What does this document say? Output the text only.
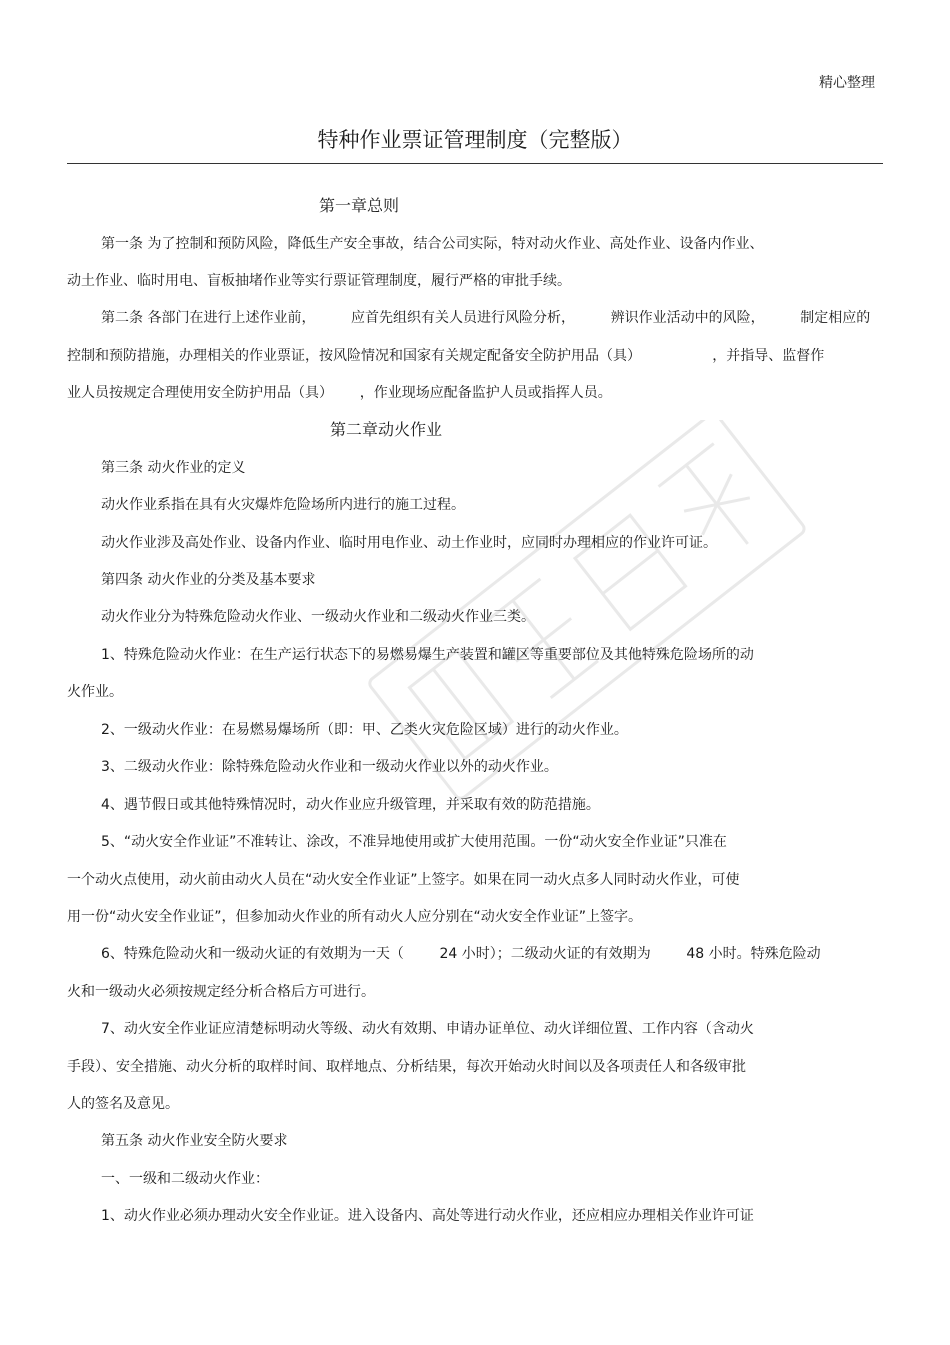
精心整理
特种作业票证管理制度（完整版）
第一章总则
第一条 为了控制和预防风险，降低生产安全事故，结合公司实际，特对动火作业、高处作业、设备内作业、
动土作业、临时用电、盲板抽堵作业等实行票证管理制度，履行严格的审批手续。
第二条 各部门在进行上述作业前，        应首先组织有关人员进行风险分析，        辨识作业活动中的风险，        制定相应的
控制和预防措施，办理相关的作业票证，按风险情况和国家有关规定配备安全防护用品（具）                ，并指导、监督作
业人员按规定合理使用安全防护用品（具）      ，作业现场应配备监护人员或指挥人员。
第二章动火作业
第三条 动火作业的定义
动火作业系指在具有火灾爆炸危险场所内进行的施工过程。
动火作业涉及高处作业、设备内作业、临时用电作业、动土作业时，应同时办理相应的作业许可证。
第四条 动火作业的分类及基本要求
动火作业分为特殊危险动火作业、一级动火作业和二级动火作业三类。
1、特殊危险动火作业：在生产运行状态下的易燃易爆生产装置和罐区等重要部位及其他特殊危险场所的动
火作业。
2、一级动火作业：在易燃易爆场所（即：甲、乙类火灾危险区域）进行的动火作业。
3、二级动火作业：除特殊危险动火作业和一级动火作业以外的动火作业。
4、遇节假日或其他特殊情况时，动火作业应升级管理，并采取有效的防范措施。
5、“动火安全作业证”不准转让、涂改，不准异地使用或扩大使用范围。一份“动火安全作业证”只准在
一个动火点使用，动火前由动火人员在“动火安全作业证”上签字。如果在同一动火点多人同时动火作业，可使
用一份“动火安全作业证”，但参加动火作业的所有动火人应分别在“动火安全作业证”上签字。
6、特殊危险动火和一级动火证的有效期为一天（        24 小时）；二级动火证的有效期为        48 小时。特殊危险动
火和一级动火必须按规定经分析合格后方可进行。
7、动火安全作业证应清楚标明动火等级、动火有效期、申请办证单位、动火详细位置、工作内容（含动火
手段）、安全措施、动火分析的取样时间、取样地点、分析结果，每次开始动火时间以及各项责任人和各级审批
人的签名及意见。
第五条 动火作业安全防火要求
一、一级和二级动火作业：
1、动火作业必须办理动火安全作业证。进入设备内、高处等进行动火作业，还应相应办理相关作业许可证
